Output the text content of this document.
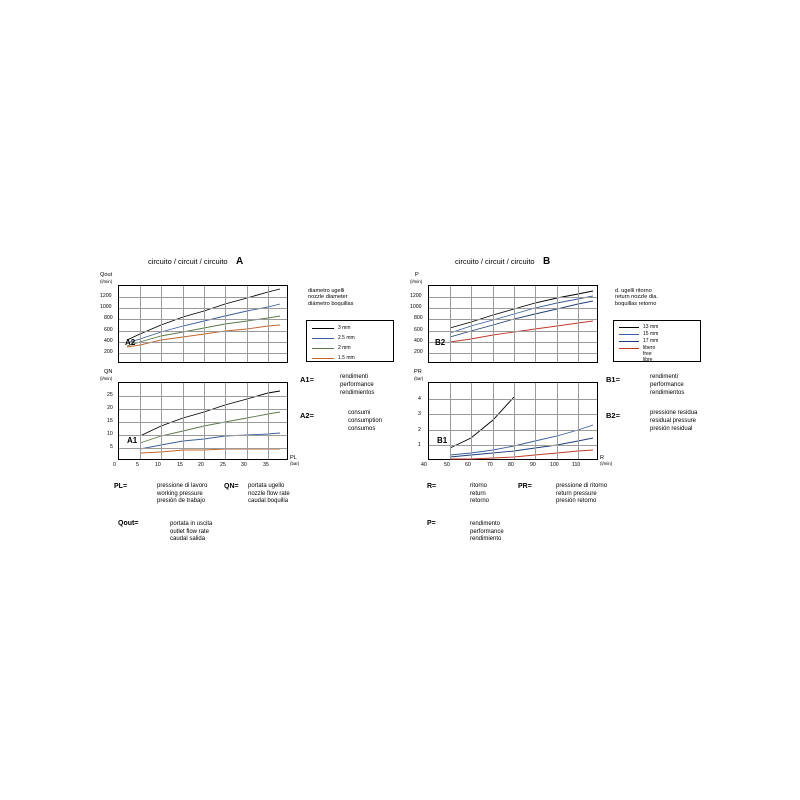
circuito / circuit / circuito A	circuito / circuit / circuito B
Qout
(l/min)
A2
1200
1000
800
600
400
200
QN
(l/min)
A1
25
20
15
10
5
0	5	10	15	20	25	30	35
PL
(bar)
diametro ugelli
nozzle diameter
diámetro boquillas
3 mm
2.5 mm
2 mm
1.5 mm
A1=	rendimenti
performance
rendimientos
A2=	consumi
consumption
consumos
P
(l/min)
B2
1200
1000
800
600
400
200
PR
(bar)
B1
4
3
2
1
40	50	60	70	80	90	100	110
R
(l/min)
d. ugelli ritorno
return nozzle dia.
boquillas retorno
13 mm
15 mm
17 mm
libero
free
libre
B1=	rendimenti
performance
rendimientos
B2=	pressione residua
residual pressure
presión residual
PL=	pressione di lavoro
working pressure
presión de trabajo
QN= portata ugello
nozzle flow rate
caudal boquilla
Qout=	portata in uscita
outlet flow rate
caudal salida
R=	ritorno
return
retorno
PR=	pressione di ritorno
return pressure
presión retorno
P=	rendimento
performance
rendimiento
